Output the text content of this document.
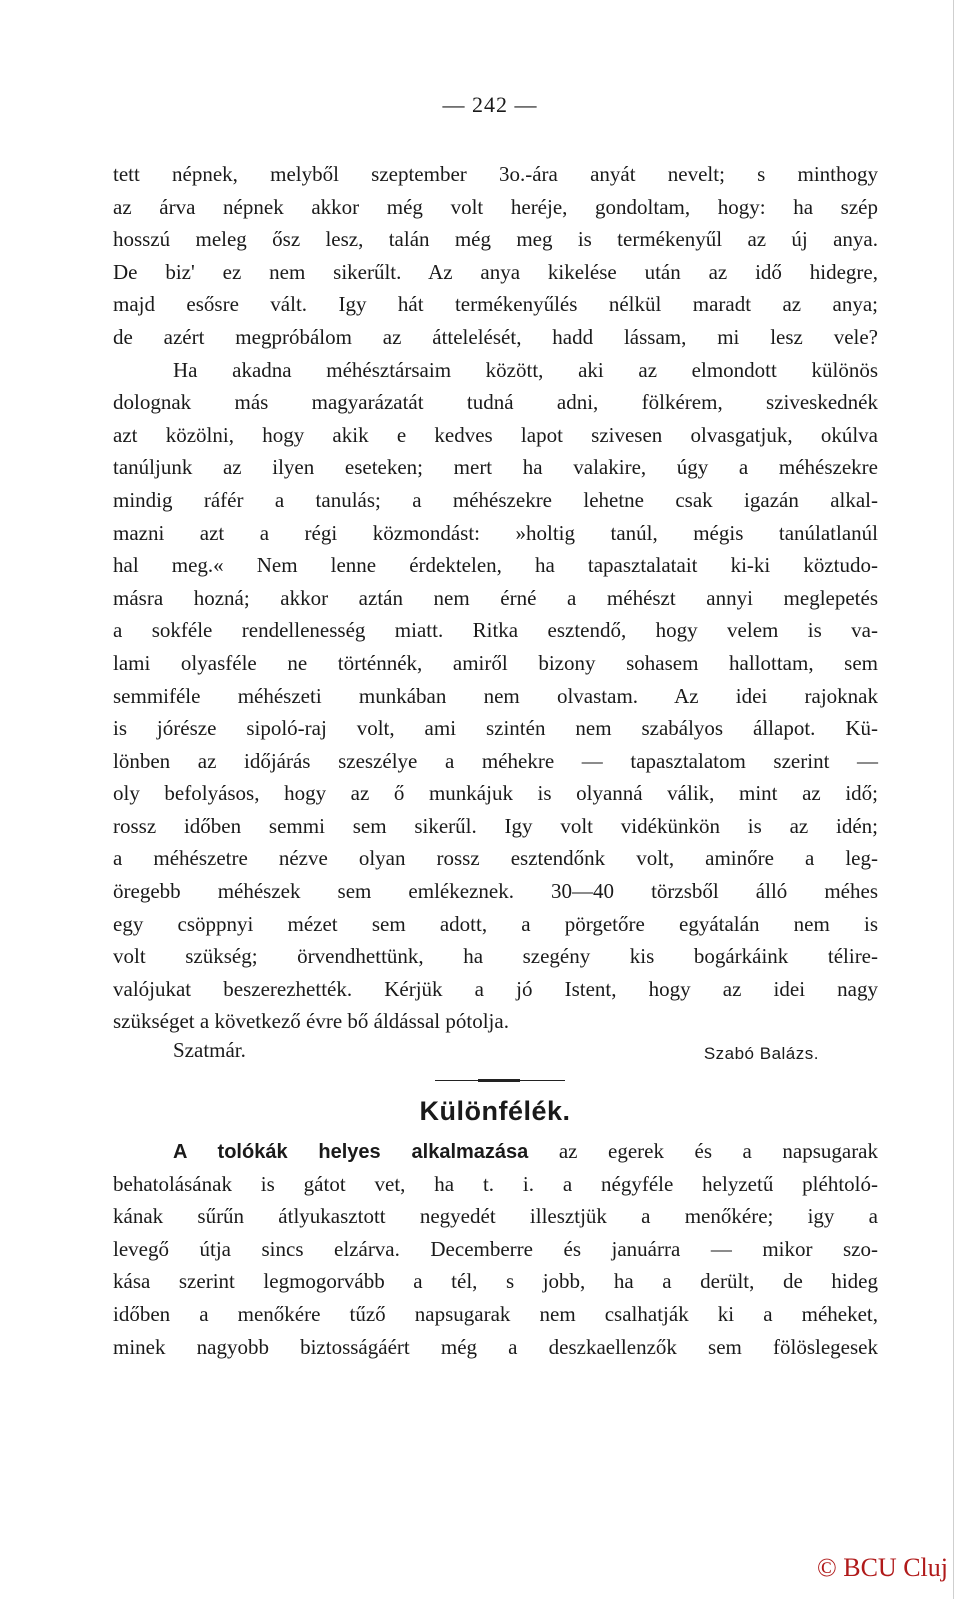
— 242 —
tett népnek, melyből szeptember 3o.-ára anyát nevelt; s minthogy
az árva népnek akkor még volt heréje, gondoltam, hogy: ha szép
hosszú meleg ősz lesz, talán még meg is termékenyűl az új anya.
De biz' ez nem sikerűlt. Az anya kikelése után az idő hidegre,
majd esősre vált. Igy hát termékenyűlés nélkül maradt az anya;
de azért megpróbálom az áttelelését, hadd lássam, mi lesz vele?
Ha akadna méhésztársaim között, aki az elmondott különös
dolognak más magyarázatát tudná adni, fölkérem, sziveskednék
azt közölni, hogy akik e kedves lapot szivesen olvasgatjuk, okúlva
tanúljunk az ilyen eseteken; mert ha valakire, úgy a méhészekre
mindig ráfér a tanulás; a méhészekre lehetne csak igazán alkal-
mazni azt a régi közmondást: »holtig tanúl, mégis tanúlatlanúl
hal meg.« Nem lenne érdektelen, ha tapasztalatait ki-ki köztudo-
másra hozná; akkor aztán nem érné a méhészt annyi meglepetés
a sokféle rendellenesség miatt. Ritka esztendő, hogy velem is va-
lami olyasféle ne történnék, amiről bizony sohasem hallottam, sem
semmiféle méhészeti munkában nem olvastam. Az idei rajoknak
is jórésze sipoló-raj volt, ami szintén nem szabályos állapot. Kü-
lönben az időjárás szeszélye a méhekre — tapasztalatom szerint —
oly befolyásos, hogy az ő munkájuk is olyanná válik, mint az idő;
rossz időben semmi sem sikerűl. Igy volt vidékünkön is az idén;
a méhészetre nézve olyan rossz esztendőnk volt, aminőre a leg-
öregebb méhészek sem emlékeznek. 30—40 törzsből álló méhes
egy csöppnyi mézet sem adott, a pörgetőre egyátalán nem is
volt szükség; örvendhettünk, ha szegény kis bogárkáink télire-
valójukat beszerezhették. Kérjük a jó Istent, hogy az idei nagy
szükséget a következő évre bő áldással pótolja.
Szatmár.	Szabó Balázs.
Különfélék.
A tolókák helyes alkalmazása az egerek és a napsugarak
behatolásának is gátot vet, ha t. i. a négyféle helyzetű pléhtoló-
kának sűrűn átlyukasztott negyedét illesztjük a menőkére; igy a
levegő útja sincs elzárva. Decemberre és januárra — mikor szo-
kása szerint legmogorvább a tél, s jobb, ha a derült, de hideg
időben a menőkére tűző napsugarak nem csalhatják ki a méheket,
minek nagyobb biztosságáért még a deszkaellenzők sem fölöslegesek
© BCU Cluj
